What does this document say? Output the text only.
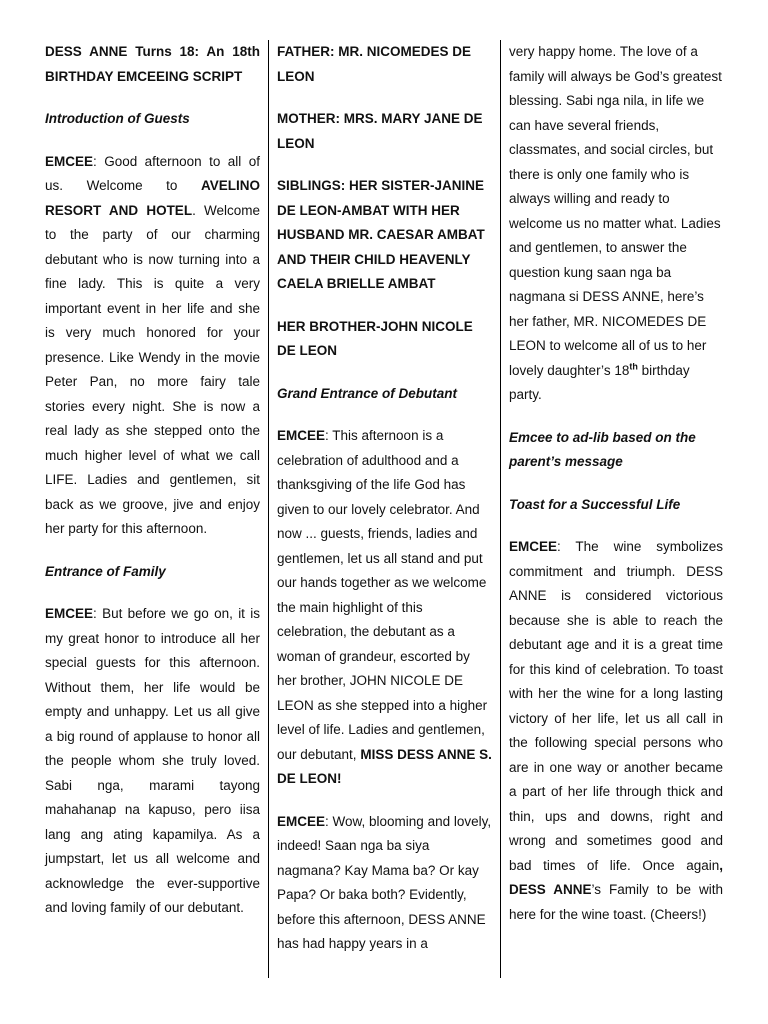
DESS ANNE Turns 18: An 18th BIRTHDAY EMCEEING SCRIPT

Introduction of Guests

EMCEE: Good afternoon to all of us. Welcome to AVELINO RESORT AND HOTEL. Welcome to the party of our charming debutant who is now turning into a fine lady. This is quite a very important event in her life and she is very much honored for your presence. Like Wendy in the movie Peter Pan, no more fairy tale stories every night. She is now a real lady as she stepped onto the much higher level of what we call LIFE. Ladies and gentlemen, sit back as we groove, jive and enjoy her party for this afternoon.

Entrance of Family

EMCEE: But before we go on, it is my great honor to introduce all her special guests for this afternoon. Without them, her life would be empty and unhappy. Let us all give a big round of applause to honor all the people whom she truly loved. Sabi nga, marami tayong mahahanap na kapuso, pero iisa lang ang ating kapamilya. As a jumpstart, let us all welcome and acknowledge the ever-supportive and loving family of our debutant.

FATHER: MR. NICOMEDES DE LEON

MOTHER: MRS. MARY JANE DE LEON

SIBLINGS: HER SISTER-JANINE DE LEON-AMBAT WITH HER HUSBAND MR. CAESAR AMBAT AND THEIR CHILD HEAVENLY CAELA BRIELLE AMBAT

HER BROTHER-JOHN NICOLE DE LEON

Grand Entrance of Debutant

EMCEE: This afternoon is a celebration of adulthood and a thanksgiving of the life God has given to our lovely celebrator. And now ... guests, friends, ladies and gentlemen, let us all stand and put our hands together as we welcome the main highlight of this celebration, the debutant as a woman of grandeur, escorted by her brother, JOHN NICOLE DE LEON as she stepped into a higher level of life. Ladies and gentlemen, our debutant, MISS DESS ANNE S. DE LEON!

EMCEE: Wow, blooming and lovely, indeed! Saan nga ba siya nagmana? Kay Mama ba? Or kay Papa? Or baka both? Evidently, before this afternoon, DESS ANNE has had happy years in a

very happy home. The love of a family will always be God’s greatest blessing. Sabi nga nila, in life we can have several friends, classmates, and social circles, but there is only one family who is always willing and ready to welcome us no matter what. Ladies and gentlemen, to answer the question kung saan nga ba nagmana si DESS ANNE, here’s her father, MR. NICOMEDES DE LEON to welcome all of us to her lovely daughter’s 18th birthday party.

Emcee to ad-lib based on the parent’s message

Toast for a Successful Life

EMCEE: The wine symbolizes commitment and triumph. DESS ANNE is considered victorious because she is able to reach the debutant age and it is a great time for this kind of celebration. To toast with her the wine for a long lasting victory of her life, let us all call in the following special persons who are in one way or another became a part of her life through thick and thin, ups and downs, right and wrong and sometimes good and bad times of life. Once again, DESS ANNE’s Family to be with here for the wine toast. (Cheers!)
